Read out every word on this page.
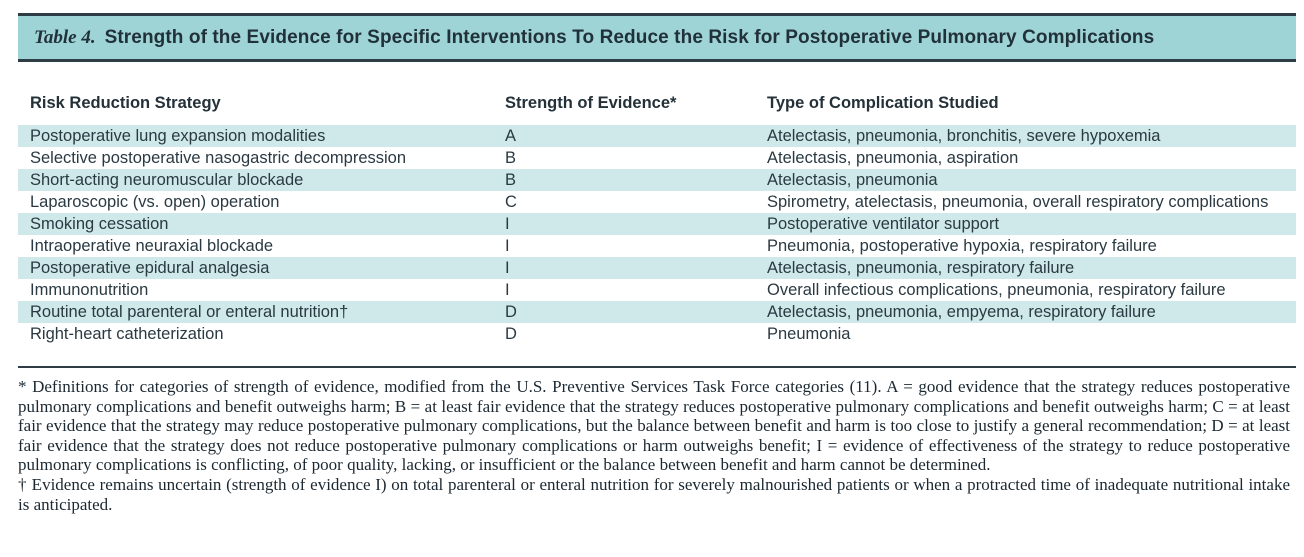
Table 4. Strength of the Evidence for Specific Interventions To Reduce the Risk for Postoperative Pulmonary Complications
Risk Reduction Strategy	Strength of Evidence*	Type of Complication Studied
Postoperative lung expansion modalities	A	Atelectasis, pneumonia, bronchitis, severe hypoxemia
Selective postoperative nasogastric decompression	B	Atelectasis, pneumonia, aspiration
Short-acting neuromuscular blockade	B	Atelectasis, pneumonia
Laparoscopic (vs. open) operation	C	Spirometry, atelectasis, pneumonia, overall respiratory complications
Smoking cessation	I	Postoperative ventilator support
Intraoperative neuraxial blockade	I	Pneumonia, postoperative hypoxia, respiratory failure
Postoperative epidural analgesia	I	Atelectasis, pneumonia, respiratory failure
Immunonutrition	I	Overall infectious complications, pneumonia, respiratory failure
Routine total parenteral or enteral nutrition†	D	Atelectasis, pneumonia, empyema, respiratory failure
Right-heart catheterization	D	Pneumonia

* Definitions for categories of strength of evidence, modified from the U.S. Preventive Services Task Force categories (11). A = good evidence that the strategy reduces postoperative pulmonary complications and benefit outweighs harm; B = at least fair evidence that the strategy reduces postoperative pulmonary complications and benefit outweighs harm; C = at least fair evidence that the strategy may reduce postoperative pulmonary complications, but the balance between benefit and harm is too close to justify a general recommendation; D = at least fair evidence that the strategy does not reduce postoperative pulmonary complications or harm outweighs benefit; I = evidence of effectiveness of the strategy to reduce postoperative pulmonary complications is conflicting, of poor quality, lacking, or insufficient or the balance between benefit and harm cannot be determined.

† Evidence remains uncertain (strength of evidence I) on total parenteral or enteral nutrition for severely malnourished patients or when a protracted time of inadequate nutritional intake is anticipated.
